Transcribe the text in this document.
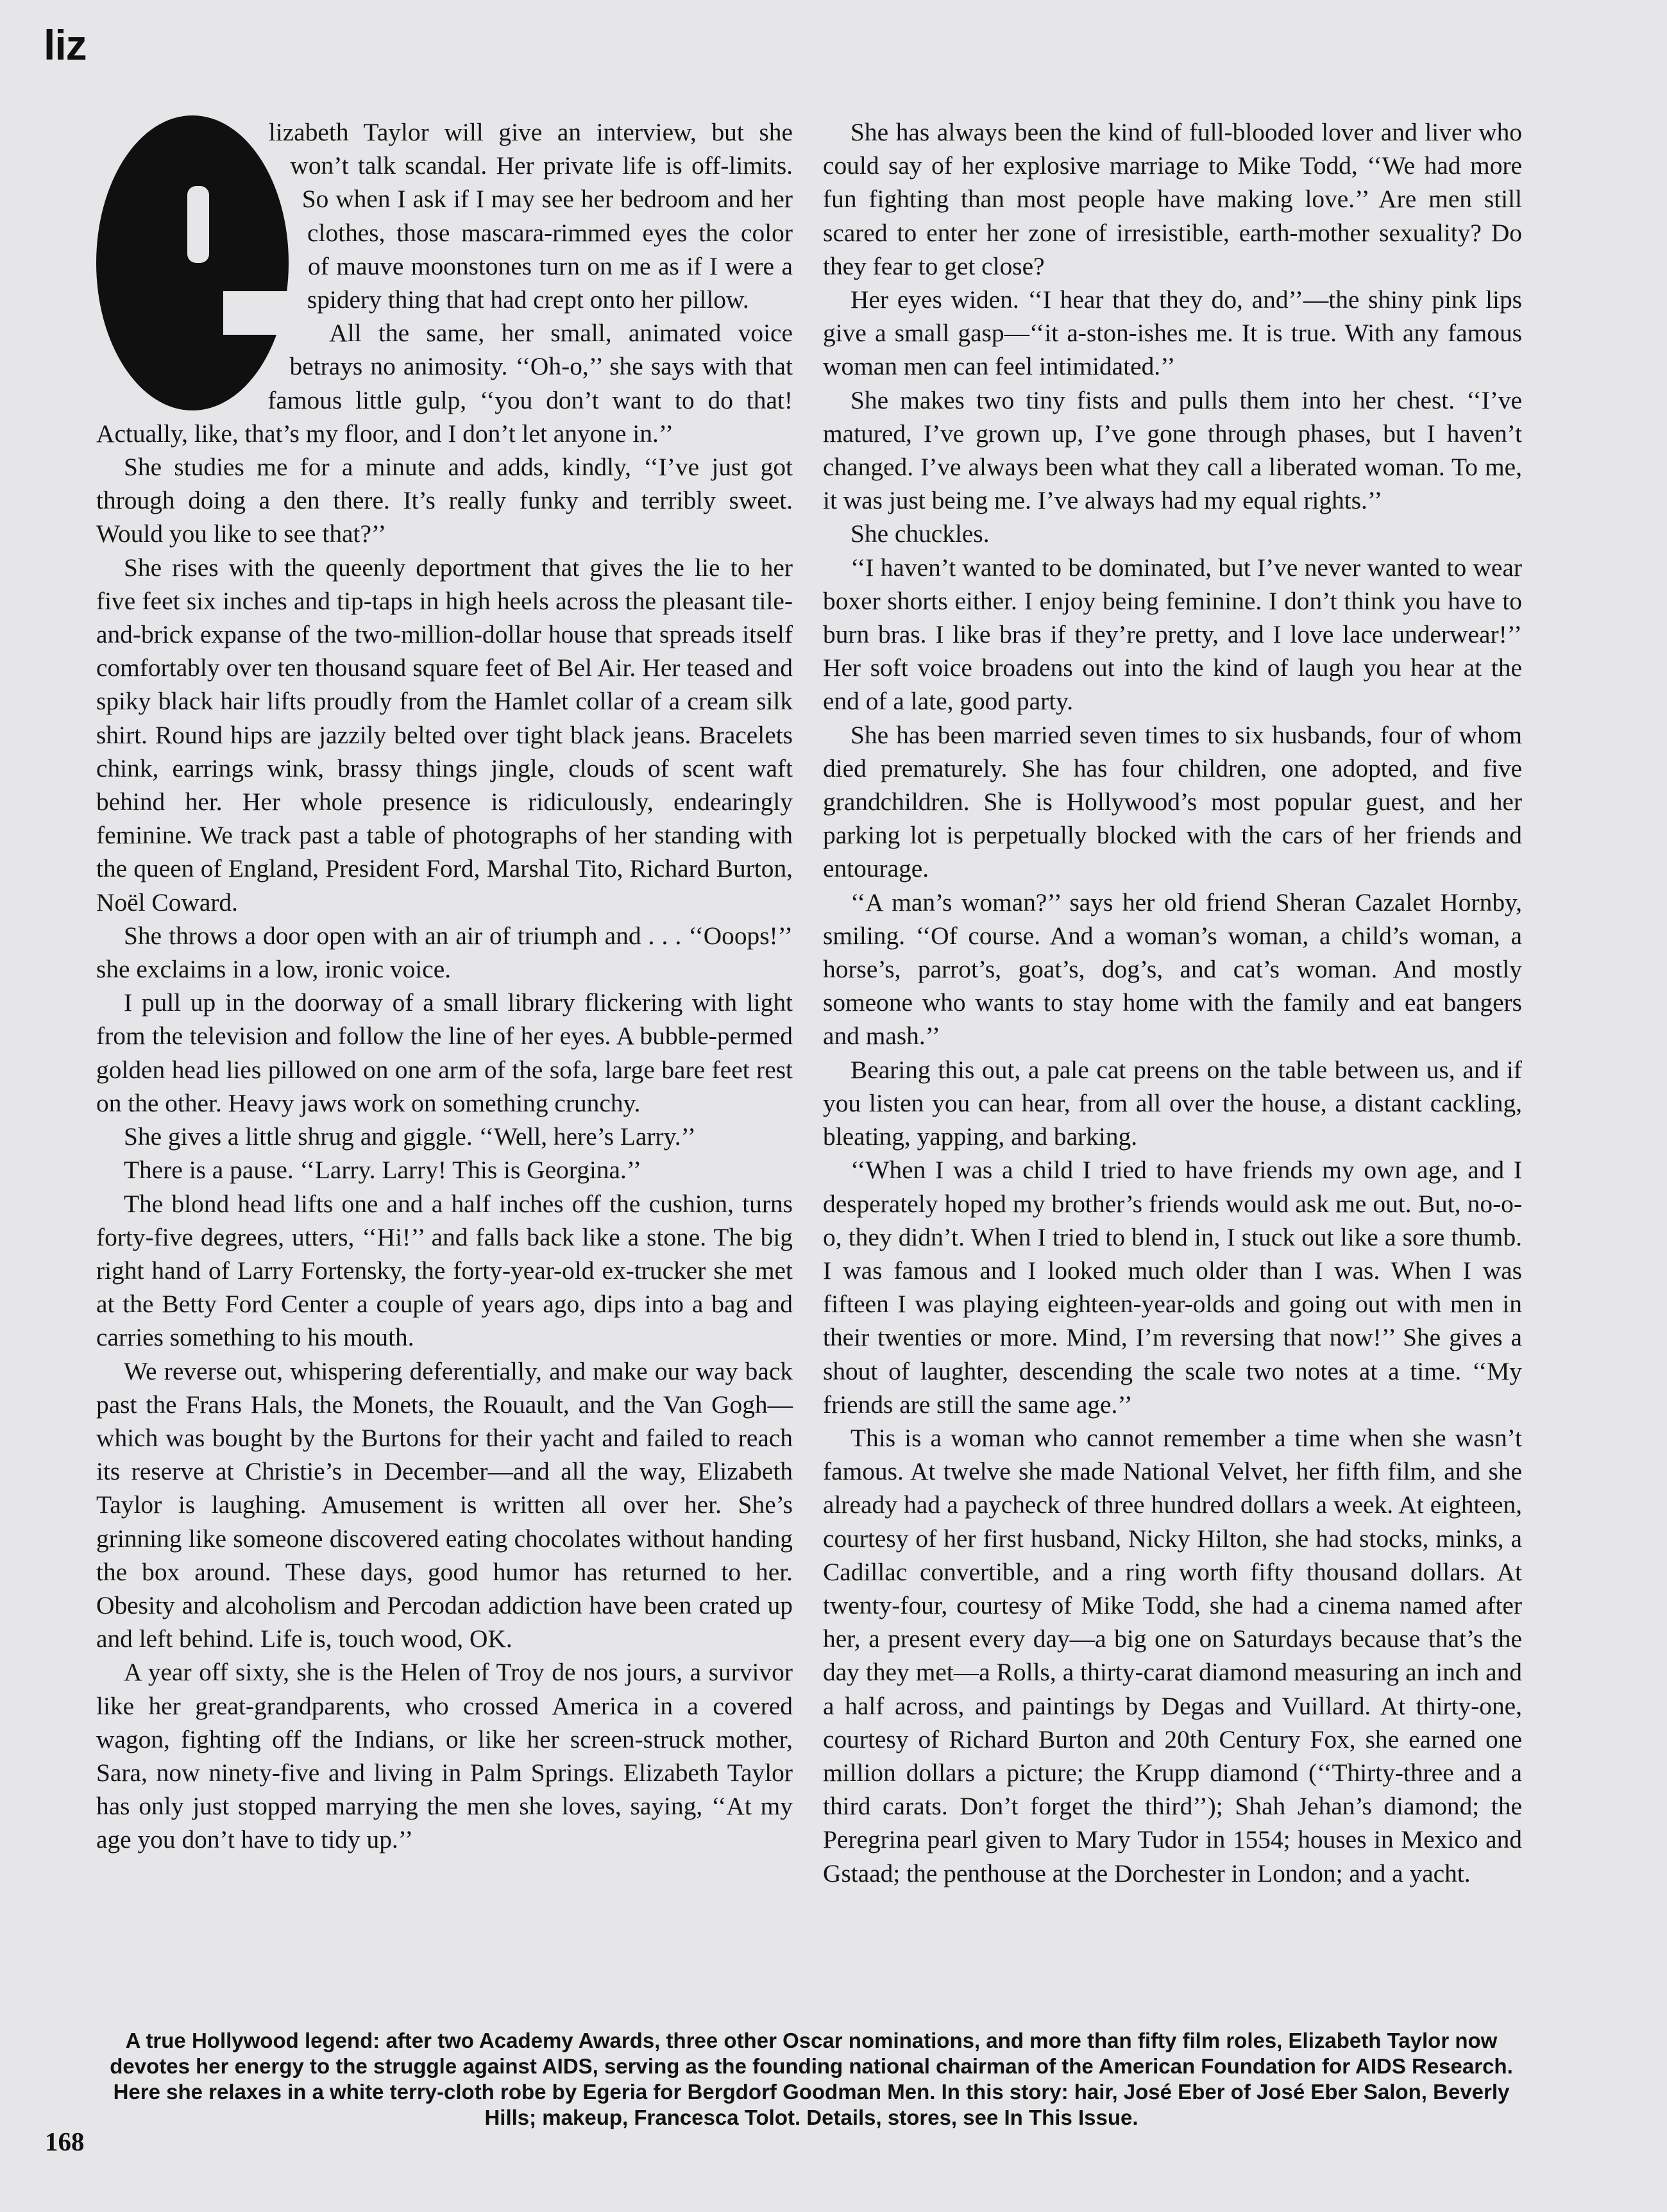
liz

lizabeth Taylor will give an interview, but she won’t talk scandal. Her private life is off-limits. So when I ask if I may see her bedroom and her clothes, those mascara-rimmed eyes the color of mauve moonstones turn on me as if I were a spidery thing that had crept onto her pillow.

All the same, her small, animated voice betrays no animosity. ‘‘Oh-o,’’ she says with that famous little gulp, ‘‘you don’t want to do that! Actually, like, that’s my floor, and I don’t let anyone in.’’

She studies me for a minute and adds, kindly, ‘‘I’ve just got through doing a den there. It’s really funky and terribly sweet. Would you like to see that?’’

She rises with the queenly deportment that gives the lie to her five feet six inches and tip-taps in high heels across the pleasant tile-and-brick expanse of the two-million-dollar house that spreads itself comfortably over ten thousand square feet of Bel Air. Her teased and spiky black hair lifts proudly from the Hamlet collar of a cream silk shirt. Round hips are jazzily belted over tight black jeans. Bracelets chink, earrings wink, brassy things jingle, clouds of scent waft behind her. Her whole presence is ridiculously, endearingly feminine. We track past a table of photographs of her standing with the queen of England, President Ford, Marshal Tito, Richard Burton, Noël Coward.

She throws a door open with an air of triumph and . . . ‘‘Ooops!’’ she exclaims in a low, ironic voice.

I pull up in the doorway of a small library flickering with light from the television and follow the line of her eyes. A bubble-permed golden head lies pillowed on one arm of the sofa, large bare feet rest on the other. Heavy jaws work on something crunchy.

She gives a little shrug and giggle. ‘‘Well, here’s Larry.’’

There is a pause. ‘‘Larry. Larry! This is Georgina.’’

The blond head lifts one and a half inches off the cushion, turns forty-five degrees, utters, ‘‘Hi!’’ and falls back like a stone. The big right hand of Larry Fortensky, the forty-year-old ex-trucker she met at the Betty Ford Center a couple of years ago, dips into a bag and carries something to his mouth.

We reverse out, whispering deferentially, and make our way back past the Frans Hals, the Monets, the Rouault, and the Van Gogh—which was bought by the Burtons for their yacht and failed to reach its reserve at Christie’s in December—and all the way, Elizabeth Taylor is laughing. Amusement is written all over her. She’s grinning like someone discovered eating chocolates without handing the box around. These days, good humor has returned to her. Obesity and alcoholism and Percodan addiction have been crated up and left behind. Life is, touch wood, OK.

A year off sixty, she is the Helen of Troy de nos jours, a survivor like her great-grandparents, who crossed America in a covered wagon, fighting off the Indians, or like her screen-struck mother, Sara, now ninety-five and living in Palm Springs. Elizabeth Taylor has only just stopped marrying the men she loves, saying, ‘‘At my age you don’t have to tidy up.’’

She has always been the kind of full-blooded lover and liver who could say of her explosive marriage to Mike Todd, ‘‘We had more fun fighting than most people have making love.’’ Are men still scared to enter her zone of irresistible, earth-mother sexuality? Do they fear to get close?

Her eyes widen. ‘‘I hear that they do, and’’—the shiny pink lips give a small gasp—‘‘it a-ston-ishes me. It is true. With any famous woman men can feel intimidated.’’

She makes two tiny fists and pulls them into her chest. ‘‘I’ve matured, I’ve grown up, I’ve gone through phases, but I haven’t changed. I’ve always been what they call a liberated woman. To me, it was just being me. I’ve always had my equal rights.’’

She chuckles.

‘‘I haven’t wanted to be dominated, but I’ve never wanted to wear boxer shorts either. I enjoy being feminine. I don’t think you have to burn bras. I like bras if they’re pretty, and I love lace underwear!’’ Her soft voice broadens out into the kind of laugh you hear at the end of a late, good party.

She has been married seven times to six husbands, four of whom died prematurely. She has four children, one adopted, and five grandchildren. She is Hollywood’s most popular guest, and her parking lot is perpetually blocked with the cars of her friends and entourage.

‘‘A man’s woman?’’ says her old friend Sheran Cazalet Hornby, smiling. ‘‘Of course. And a woman’s woman, a child’s woman, a horse’s, parrot’s, goat’s, dog’s, and cat’s woman. And mostly someone who wants to stay home with the family and eat bangers and mash.’’

Bearing this out, a pale cat preens on the table between us, and if you listen you can hear, from all over the house, a distant cackling, bleating, yapping, and barking.

‘‘When I was a child I tried to have friends my own age, and I desperately hoped my brother’s friends would ask me out. But, no-o-o, they didn’t. When I tried to blend in, I stuck out like a sore thumb. I was famous and I looked much older than I was. When I was fifteen I was playing eighteen-year-olds and going out with men in their twenties or more. Mind, I’m reversing that now!’’ She gives a shout of laughter, descending the scale two notes at a time. ‘‘My friends are still the same age.’’

This is a woman who cannot remember a time when she wasn’t famous. At twelve she made National Velvet, her fifth film, and she already had a paycheck of three hundred dollars a week. At eighteen, courtesy of her first husband, Nicky Hilton, she had stocks, minks, a Cadillac convertible, and a ring worth fifty thousand dollars. At twenty-four, courtesy of Mike Todd, she had a cinema named after her, a present every day—a big one on Saturdays because that’s the day they met—a Rolls, a thirty-carat diamond measuring an inch and a half across, and paintings by Degas and Vuillard. At thirty-one, courtesy of Richard Burton and 20th Century Fox, she earned one million dollars a picture; the Krupp diamond (‘‘Thirty-three and a third carats. Don’t forget the third’’); Shah Jehan’s diamond; the Peregrina pearl given to Mary Tudor in 1554; houses in Mexico and Gstaad; the penthouse at the Dorchester in London; and a yacht.

A true Hollywood legend: after two Academy Awards, three other Oscar nominations, and more than fifty film roles, Elizabeth Taylor now devotes her energy to the struggle against AIDS, serving as the founding national chairman of the American Foundation for AIDS Research. Here she relaxes in a white terry-cloth robe by Egeria for Bergdorf Goodman Men. In this story: hair, José Eber of José Eber Salon, Beverly Hills; makeup, Francesca Tolot. Details, stores, see In This Issue.
168
